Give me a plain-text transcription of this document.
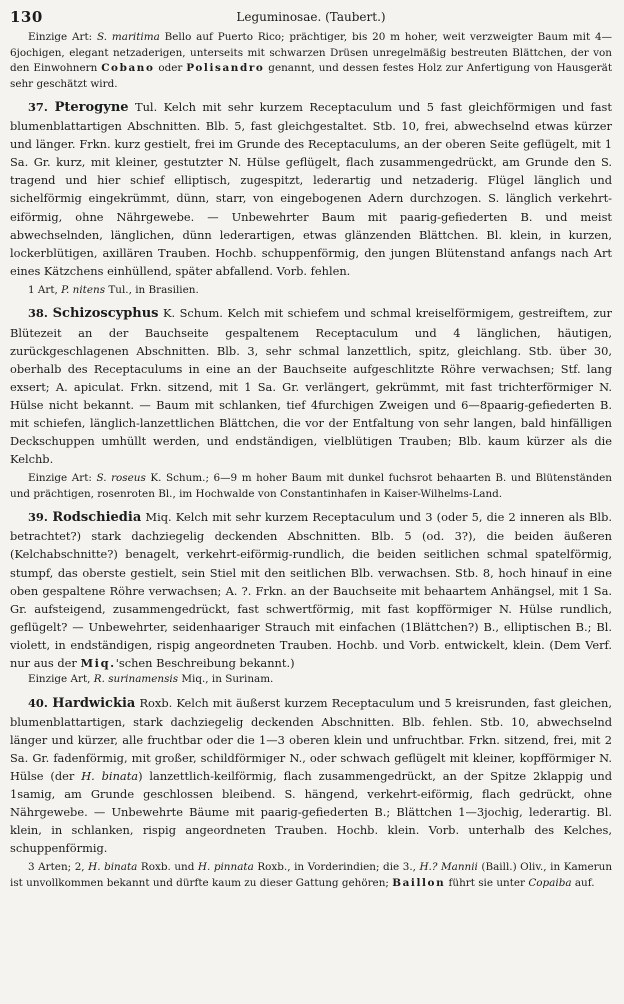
130	Leguminosae. (Taubert.)

Einzige Art: S. maritima Bello auf Puerto Rico; prächtiger, bis 20 m hoher, weit verzweigter Baum mit 4—6jochigen, elegant netzaderigen, unterseits mit schwarzen Drüsen unregelmäßig bestreuten Blättchen, der von den Einwohnern Cobano oder Polisandro genannt, und dessen festes Holz zur Anfertigung von Hausgerät sehr geschätzt wird.

37. Pterogyne Tul. Kelch mit sehr kurzem Receptaculum und 5 fast gleichförmigen und fast blumenblattartigen Abschnitten. Blb. 5, fast gleichgestaltet. Stb. 10, frei, abwechselnd etwas kürzer und länger. Frkn. kurz gestielt, frei im Grunde des Receptaculums, an der oberen Seite geflügelt, mit 1 Sa. Gr. kurz, mit kleiner, gestutzter N. Hülse geflügelt, flach zusammengedrückt, am Grunde den S. tragend und hier schief elliptisch, zugespitzt, lederartig und netzaderig. Flügel länglich und sichelförmig eingekrümmt, dünn, starr, von eingebogenen Adern durchzogen. S. länglich verkehrt-eiförmig, ohne Nährgewebe. — Unbewehrter Baum mit paarig-gefiederten B. und meist abwechselnden, länglichen, dünn lederartigen, etwas glänzenden Blättchen. Bl. klein, in kurzen, lockerblütigen, axillären Trauben. Hochb. schuppenförmig, den jungen Blütenstand anfangs nach Art eines Kätzchens einhüllend, später abfallend. Vorb. fehlen.

1 Art, P. nitens Tul., in Brasilien.

38. Schizoscyphus K. Schum. Kelch mit schiefem und schmal kreiselförmigem, gestreiftem, zur Blütezeit an der Bauchseite gespaltenem Receptaculum und 4 länglichen, häutigen, zurückgeschlagenen Abschnitten. Blb. 3, sehr schmal lanzettlich, spitz, gleichlang. Stb. über 30, oberhalb des Receptaculums in eine an der Bauchseite aufgeschlitzte Röhre verwachsen; Stf. lang exsert; A. apiculat. Frkn. sitzend, mit 1 Sa. Gr. verlängert, gekrümmt, mit fast trichterförmiger N. Hülse nicht bekannt. — Baum mit schlanken, tief 4furchigen Zweigen und 6—8paarig-gefiederten B. mit schiefen, länglich-lanzettlichen Blättchen, die vor der Entfaltung von sehr langen, bald hinfälligen Deckschuppen umhüllt werden, und endständigen, vielblütigen Trauben; Blb. kaum kürzer als die Kelchb.

Einzige Art: S. roseus K. Schum.; 6—9 m hoher Baum mit dunkel fuchsrot behaarten B. und Blütenständen und prächtigen, rosenroten Bl., im Hochwalde von Constantinhafen in Kaiser-Wilhelms-Land.

39. Rodschiedia Miq. Kelch mit sehr kurzem Receptaculum und 3 (oder 5, die 2 inneren als Blb. betrachtet?) stark dachziegelig deckenden Abschnitten. Blb. 5 (od. 3?), die beiden äußeren (Kelchabschnitte?) benagelt, verkehrt-eiförmig-rundlich, die beiden seitlichen schmal spatelförmig, stumpf, das oberste gestielt, sein Stiel mit den seitlichen Blb. verwachsen. Stb. 8, hoch hinauf in eine oben gespaltene Röhre verwachsen; A. ?. Frkn. an der Bauchseite mit behaartem Anhängsel, mit 1 Sa. Gr. aufsteigend, zusammengedrückt, fast schwertförmig, mit fast kopfförmiger N. Hülse rundlich, geflügelt? — Unbewehrter, seidenhaariger Strauch mit einfachen (1Blättchen?) B., elliptischen B.; Bl. violett, in endständigen, rispig angeordneten Trauben. Hochb. und Vorb. entwickelt, klein. (Dem Verf. nur aus der Miq.'schen Beschreibung bekannt.)

Einzige Art, R. surinamensis Miq., in Surinam.

40. Hardwickia Roxb. Kelch mit äußerst kurzem Receptaculum und 5 kreisrunden, fast gleichen, blumenblattartigen, stark dachziegelig deckenden Abschnitten. Blb. fehlen. Stb. 10, abwechselnd länger und kürzer, alle fruchtbar oder die 1—3 oberen klein und unfruchtbar. Frkn. sitzend, frei, mit 2 Sa. Gr. fadenförmig, mit großer, schildförmiger N., oder schwach geflügelt mit kleiner, kopfförmiger N. Hülse (der H. binata) lanzettlich-keilförmig, flach zusammengedrückt, an der Spitze 2klappig und 1samig, am Grunde geschlossen bleibend. S. hängend, verkehrt-eiförmig, flach gedrückt, ohne Nährgewebe. — Unbewehrte Bäume mit paarig-gefiederten B.; Blättchen 1—3jochig, lederartig. Bl. klein, in schlanken, rispig angeordneten Trauben. Hochb. klein. Vorb. unterhalb des Kelches, schuppenförmig.

3 Arten; 2, H. binata Roxb. und H. pinnata Roxb., in Vorderindien; die 3., H.? Mannii (Baill.) Oliv., in Kamerun ist unvollkommen bekannt und dürfte kaum zu dieser Gattung gehören; Baillon führt sie unter Copaiba auf.
